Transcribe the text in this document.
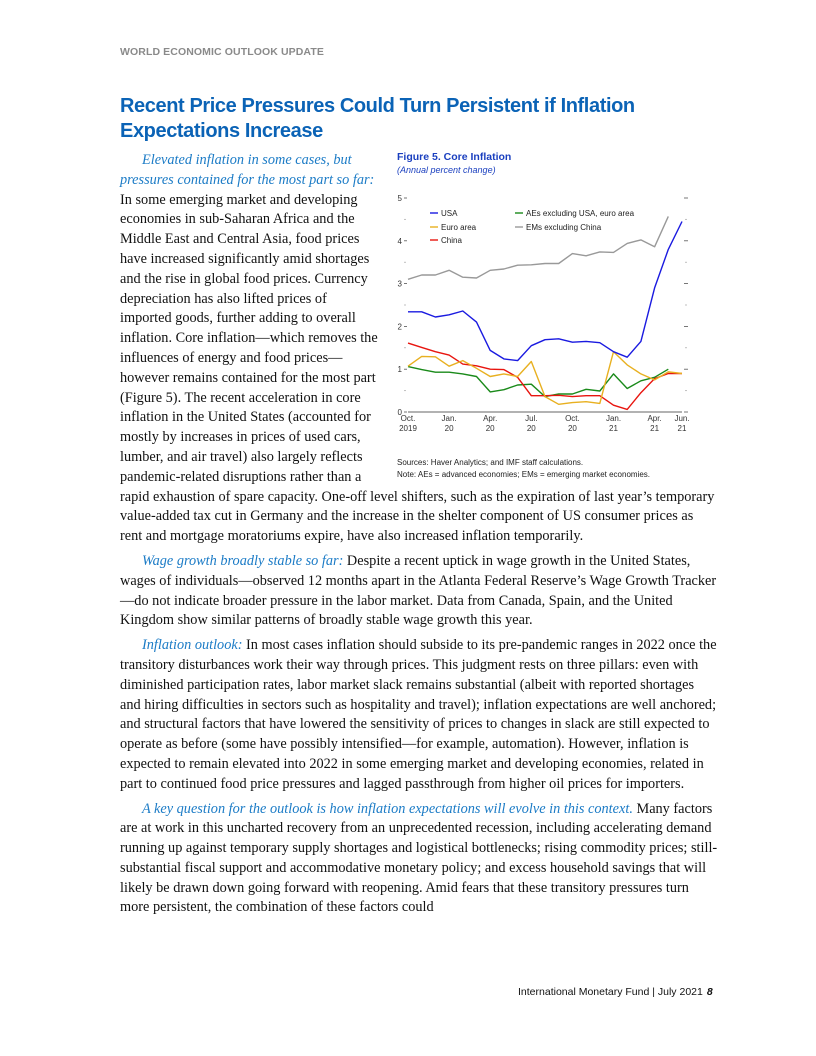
WORLD ECONOMIC OUTLOOK UPDATE
Recent Price Pressures Could Turn Persistent if Inflation Expectations Increase

Elevated inflation in some cases, but pressures contained for the most part so far: In some emerging market and developing economies in sub-Saharan Africa and the Middle East and Central Asia, food prices have increased significantly amid shortages and the rise in global food prices. Currency depreciation has also lifted prices of imported goods, further adding to overall inflation. Core inflation—which removes the influences of energy and food prices—however remains contained for the most part (Figure 5). The recent acceleration in core inflation in the United States (accounted for mostly by increases in prices of used cars, lumber, and air travel) also largely reflects pandemic-related disruptions rather than a rapid exhaustion of spare capacity. One-off level shifters, such as the expiration of last year’s temporary value-added tax cut in Germany and the increase in the shelter component of US consumer prices as rent and mortgage moratoriums expire, have also increased inflation temporarily.

Wage growth broadly stable so far: Despite a recent uptick in wage growth in the United States, wages of individuals—observed 12 months apart in the Atlanta Federal Reserve’s Wage Growth Tracker—do not indicate broader pressure in the labor market. Data from Canada, Spain, and the United Kingdom show similar patterns of broadly stable wage growth this year.

Inflation outlook: In most cases inflation should subside to its pre-pandemic ranges in 2022 once the transitory disturbances work their way through prices. This judgment rests on three pillars: even with diminished participation rates, labor market slack remains substantial (albeit with reported shortages and hiring difficulties in sectors such as hospitality and travel); inflation expectations are well anchored; and structural factors that have lowered the sensitivity of prices to changes in slack are still expected to operate as before (some have possibly intensified—for example, automation). However, inflation is expected to remain elevated into 2022 in some emerging market and developing economies, related in part to continued food price pressures and lagged passthrough from higher oil prices for importers.

A key question for the outlook is how inflation expectations will evolve in this context. Many factors are at work in this uncharted recovery from an unprecedented recession, including accelerating demand running up against temporary supply shortages and logistical bottlenecks; rising commodity prices; still-substantial fiscal support and accommodative monetary policy; and excess household savings that will likely be drawn down going forward with reopening. Amid fears that these transitory pressures turn more persistent, the combination of these factors could

Figure 5. Core Inflation
(Annual percent change)
Sources: Haver Analytics; and IMF staff calculations.
Note: AEs = advanced economies; EMs = emerging market economies.
0
1
2
3
4
5
Oct.
2019
Jan.
20
Apr.
20
Jul.
20
Oct.
20
Jan.
21
Apr.
21
Jun.
21
USA
Euro area
China
AEs excluding USA, euro area
EMs excluding China
International Monetary Fund | July 2021 8
